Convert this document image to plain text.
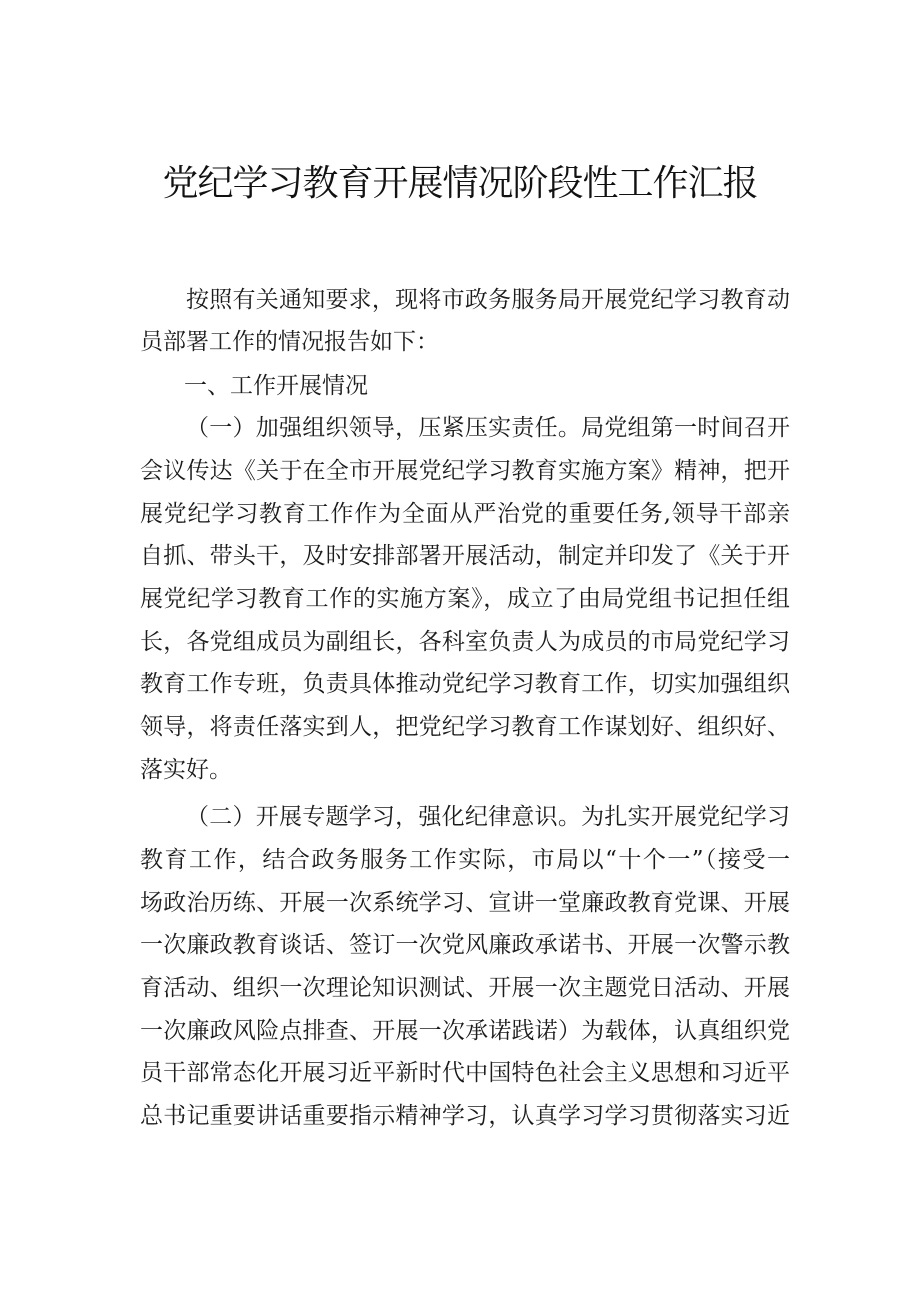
党纪学习教育开展情况阶段性工作汇报
按照有关通知要求，现将市政务服务局开展党纪学习教育动
员部署工作的情况报告如下：
一、工作开展情况
（一）加强组织领导，压紧压实责任。局党组第一时间召开
会议传达《关于在全市开展党纪学习教育实施方案》精神，把开
展党纪学习教育工作作为全面从严治党的重要任务,领导干部亲
自抓、带头干，及时安排部署开展活动，制定并印发了《关于开
展党纪学习教育工作的实施方案》，成立了由局党组书记担任组
长，各党组成员为副组长，各科室负责人为成员的市局党纪学习
教育工作专班，负责具体推动党纪学习教育工作，切实加强组织
领导，将责任落实到人，把党纪学习教育工作谋划好、组织好、
落实好。
（二）开展专题学习，强化纪律意识。为扎实开展党纪学习
教育工作，结合政务服务工作实际，市局以“十个一”（接受一
场政治历练、开展一次系统学习、宣讲一堂廉政教育党课、开展
一次廉政教育谈话、签订一次党风廉政承诺书、开展一次警示教
育活动、组织一次理论知识测试、开展一次主题党日活动、开展
一次廉政风险点排查、开展一次承诺践诺）为载体，认真组织党
员干部常态化开展习近平新时代中国特色社会主义思想和习近平
总书记重要讲话重要指示精神学习，认真学习学习贯彻落实习近
